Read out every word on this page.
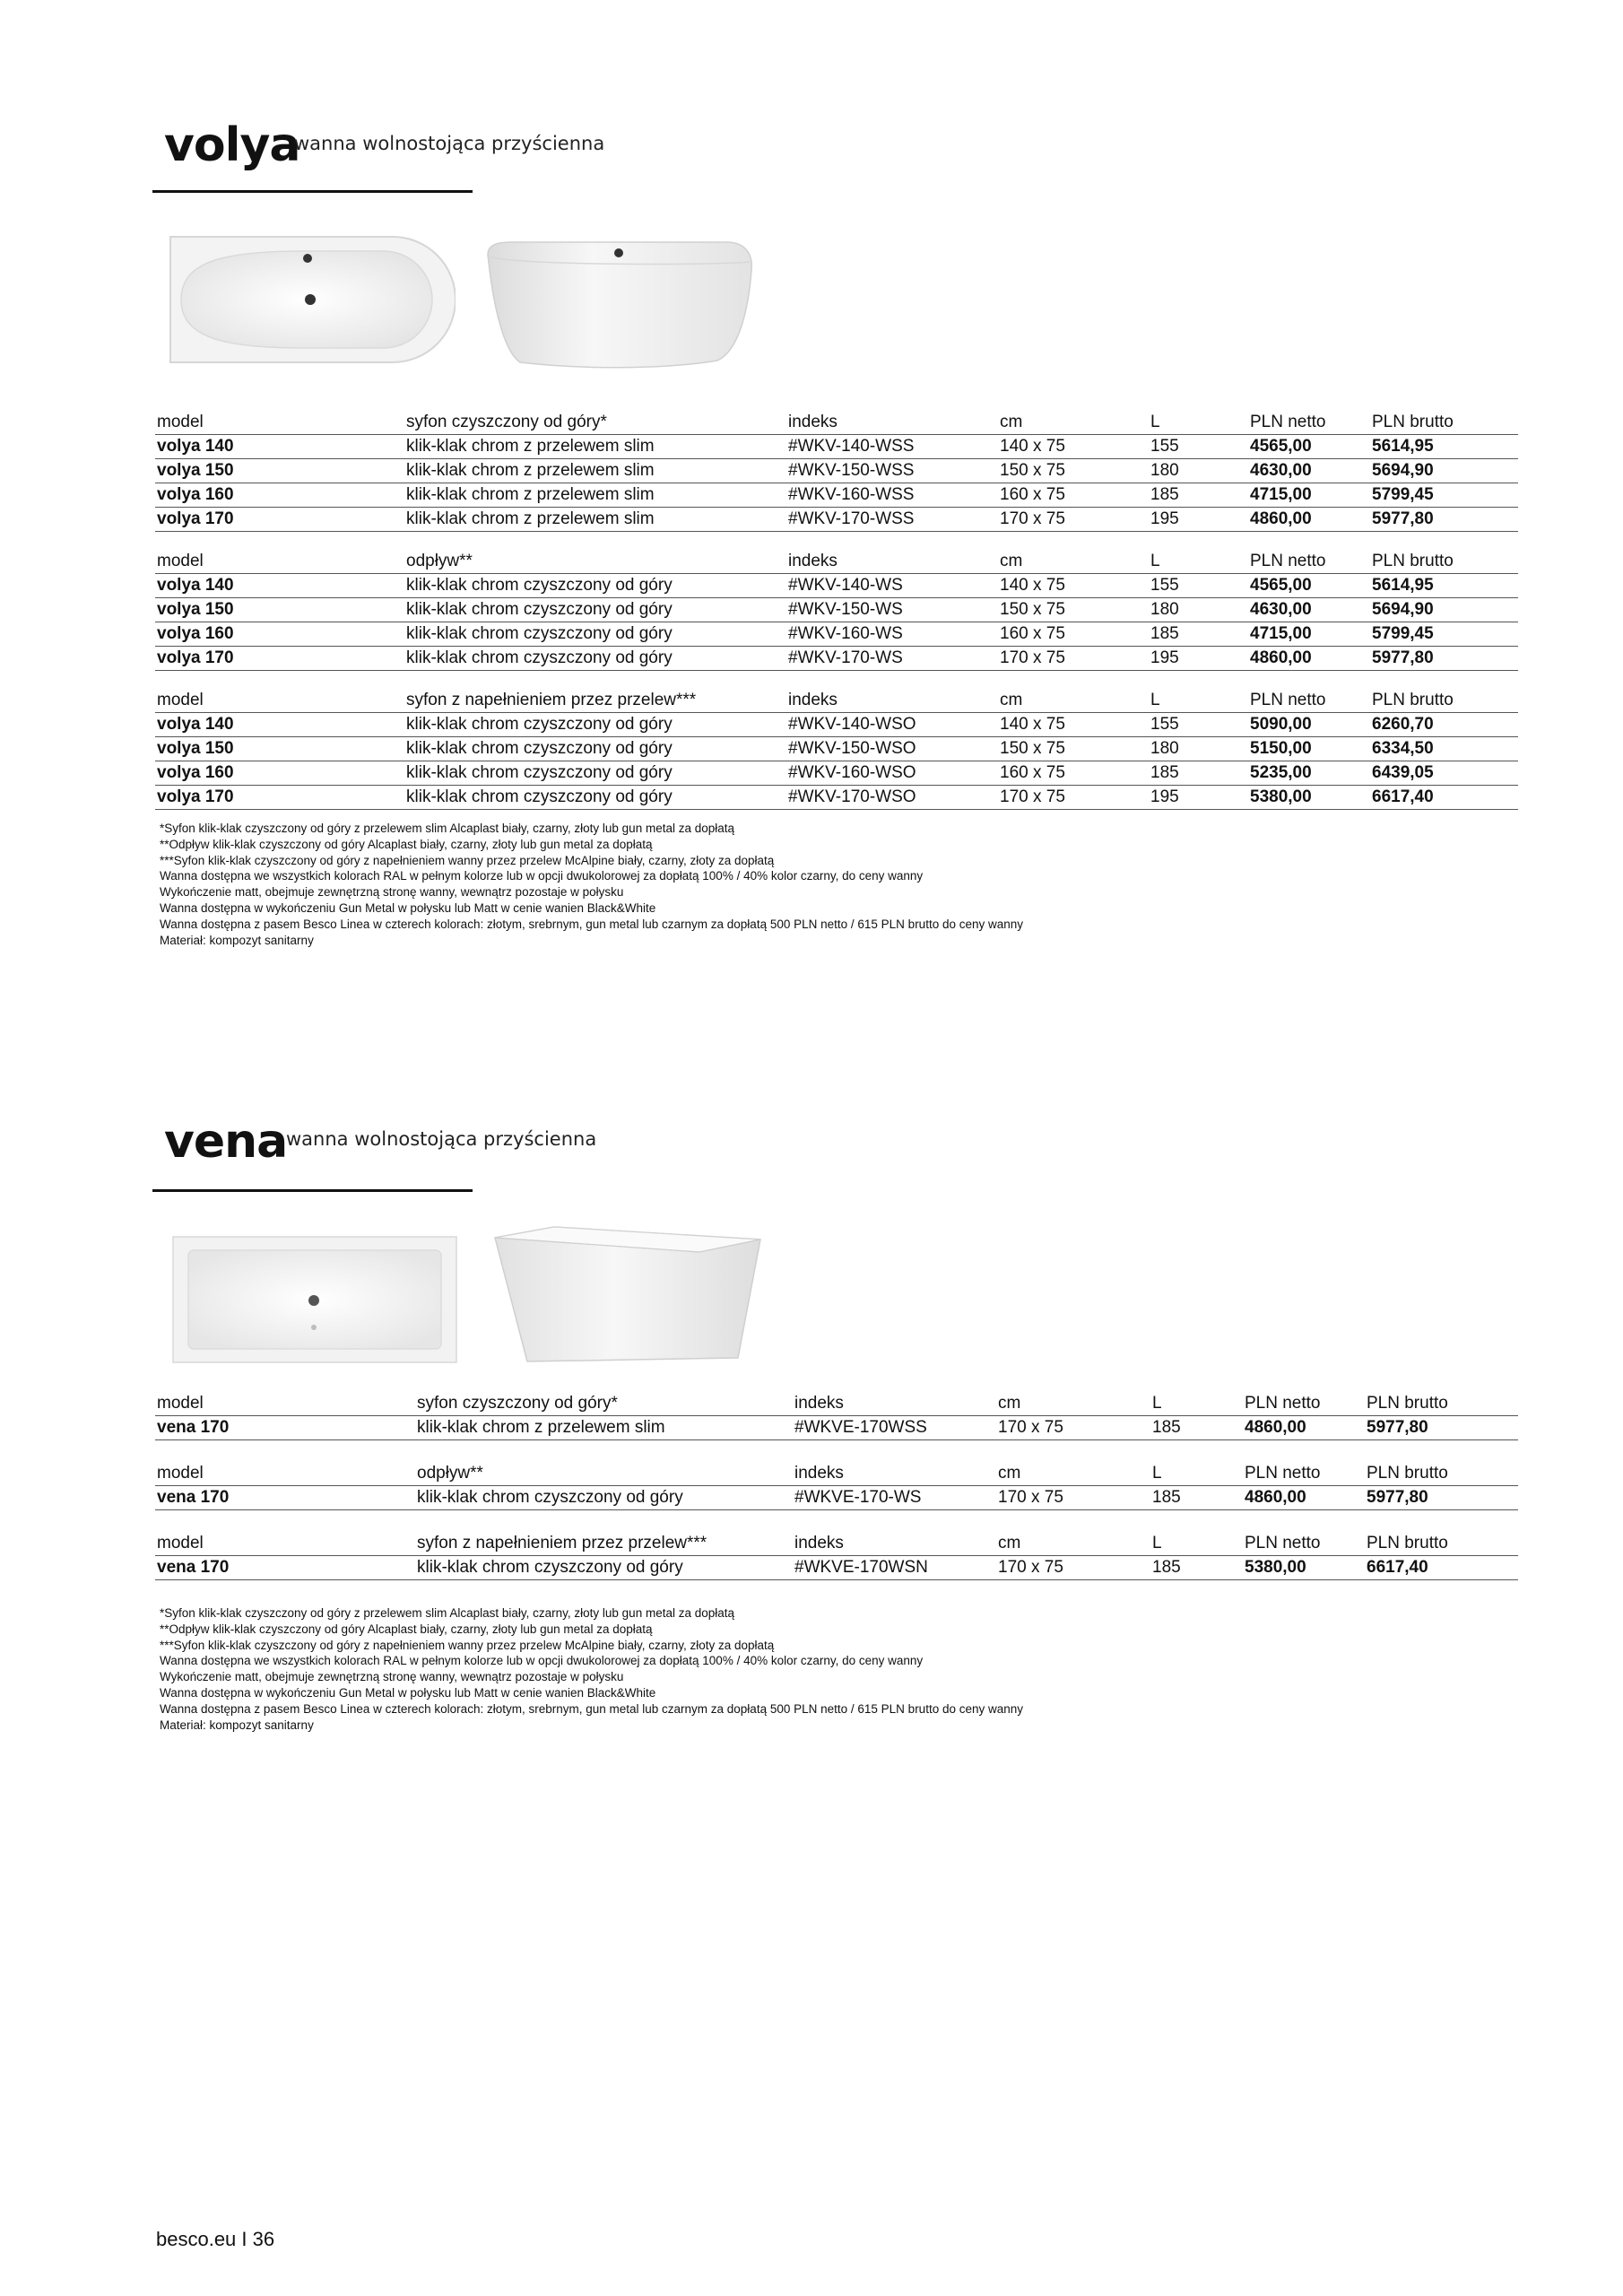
volya
wanna wolnostojąca przyścienna
model	syfon czyszczony od góry*	indeks	cm	L	PLN netto	PLN brutto
volya 140	klik-klak chrom z przelewem slim	#WKV-140-WSS	140 x 75	155	4565,00	5614,95
volya 150	klik-klak chrom z przelewem slim	#WKV-150-WSS	150 x 75	180	4630,00	5694,90
volya 160	klik-klak chrom z przelewem slim	#WKV-160-WSS	160 x 75	185	4715,00	5799,45
volya 170	klik-klak chrom z przelewem slim	#WKV-170-WSS	170 x 75	195	4860,00	5977,80
model	odpływ**	indeks	cm	L	PLN netto	PLN brutto
volya 140	klik-klak chrom czyszczony od góry	#WKV-140-WS	140 x 75	155	4565,00	5614,95
volya 150	klik-klak chrom czyszczony od góry	#WKV-150-WS	150 x 75	180	4630,00	5694,90
volya 160	klik-klak chrom czyszczony od góry	#WKV-160-WS	160 x 75	185	4715,00	5799,45
volya 170	klik-klak chrom czyszczony od góry	#WKV-170-WS	170 x 75	195	4860,00	5977,80
model	syfon z napełnieniem przez przelew***	indeks	cm	L	PLN netto	PLN brutto
volya 140	klik-klak chrom czyszczony od góry	#WKV-140-WSO	140 x 75	155	5090,00	6260,70
volya 150	klik-klak chrom czyszczony od góry	#WKV-150-WSO	150 x 75	180	5150,00	6334,50
volya 160	klik-klak chrom czyszczony od góry	#WKV-160-WSO	160 x 75	185	5235,00	6439,05
volya 170	klik-klak chrom czyszczony od góry	#WKV-170-WSO	170 x 75	195	5380,00	6617,40
*Syfon klik-klak czyszczony od góry z przelewem slim Alcaplast biały, czarny, złoty lub gun metal za dopłatą
**Odpływ klik-klak czyszczony od góry Alcaplast biały, czarny, złoty lub gun metal za dopłatą
***Syfon klik-klak czyszczony od góry z napełnieniem wanny przez przelew McAlpine biały, czarny, złoty za dopłatą
Wanna dostępna we wszystkich kolorach RAL w pełnym kolorze lub w opcji dwukolorowej za dopłatą 100% / 40% kolor czarny, do ceny wanny
Wykończenie matt, obejmuje zewnętrzną stronę wanny, wewnątrz pozostaje w połysku
Wanna dostępna w wykończeniu Gun Metal w połysku lub Matt w cenie wanien Black&White
Wanna dostępna z pasem Besco Linea w czterech kolorach: złotym, srebrnym, gun metal lub czarnym za dopłatą 500 PLN netto / 615 PLN brutto do ceny wanny
Materiał: kompozyt sanitarny
vena
wanna wolnostojąca przyścienna
model	syfon czyszczony od góry*	indeks	cm	L	PLN netto	PLN brutto
vena 170	klik-klak chrom z przelewem slim	#WKVE-170WSS	170 x 75	185	4860,00	5977,80
model	odpływ**	indeks	cm	L	PLN netto	PLN brutto
vena 170	klik-klak chrom czyszczony od góry	#WKVE-170-WS	170 x 75	185	4860,00	5977,80
model	syfon z napełnieniem przez przelew***	indeks	cm	L	PLN netto	PLN brutto
vena 170	klik-klak chrom czyszczony od góry	#WKVE-170WSN	170 x 75	185	5380,00	6617,40
*Syfon klik-klak czyszczony od góry z przelewem slim Alcaplast biały, czarny, złoty lub gun metal za dopłatą
**Odpływ klik-klak czyszczony od góry Alcaplast biały, czarny, złoty lub gun metal za dopłatą
***Syfon klik-klak czyszczony od góry z napełnieniem wanny przez przelew McAlpine biały, czarny, złoty za dopłatą
Wanna dostępna we wszystkich kolorach RAL w pełnym kolorze lub w opcji dwukolorowej za dopłatą 100% / 40% kolor czarny, do ceny wanny
Wykończenie matt, obejmuje zewnętrzną stronę wanny, wewnątrz pozostaje w połysku
Wanna dostępna w wykończeniu Gun Metal w połysku lub Matt w cenie wanien Black&White
Wanna dostępna z pasem Besco Linea w czterech kolorach: złotym, srebrnym, gun metal lub czarnym za dopłatą 500 PLN netto / 615 PLN brutto do ceny wanny
Materiał: kompozyt sanitarny
besco.eu I 36
